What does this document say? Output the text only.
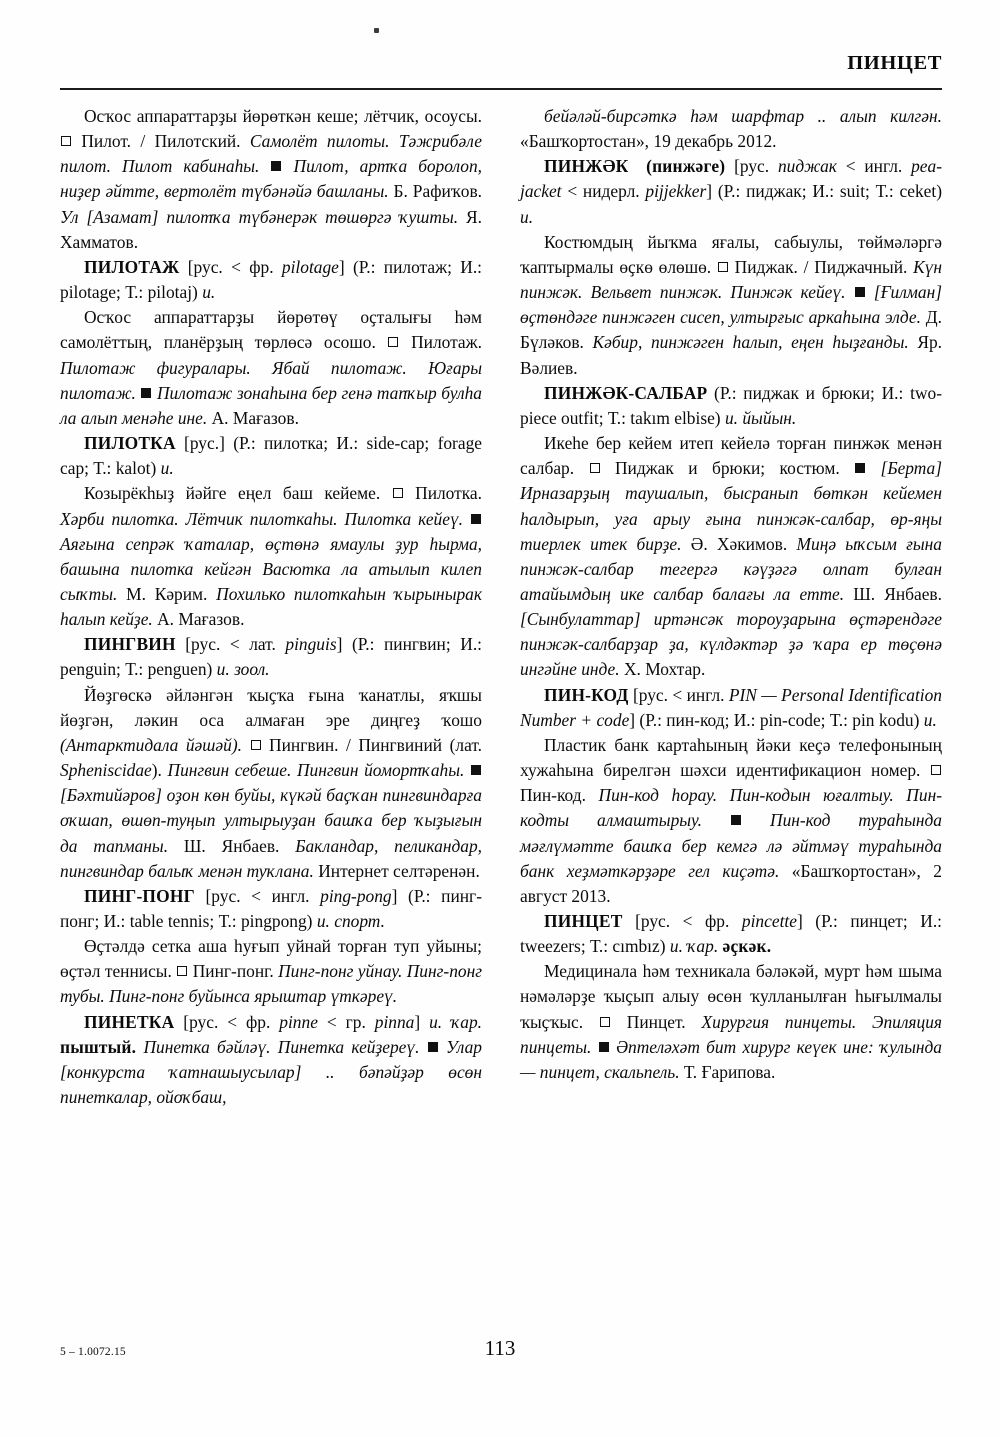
ПИНЦЕТ

Осҡос аппараттарҙы йөрөткән кеше; лётчик, осоусы.  Пилот. / Пилотский. Самолёт пилоты. Тәжрибәле пилот. Пилот кабинаһы.  Пилот, артҡа боролоп, ниҙер әйтте, вертолёт түбәнәйә башланы. Б. Рафиҡов. Ул [Азамат] пилотҡа түбәнерәк төшөргә ҡушты. Я. Хамматов.

ПИЛОТАЖ [рус. < фр. pilotage] (Р.: пилотаж; И.: pilotage; Т.: pilotaj) и.

Осҡос аппараттарҙы йөрөтөү оҫталығы һәм самолёттың, планёрҙың төрлөсә осошо.  Пилотаж. Пилотаж фигуралары. Ябай пилотаж. Юғары пилотаж.  Пилотаж зонаһына бер генә тапҡыр булһа ла алып менәһе ине. А. Мағазов.

ПИЛОТКА [рус.] (Р.: пилотка; И.: side-cap; forage cap; Т.: kalot) и.

Козырёкһыҙ йәйге еңел баш кейеме.  Пилотка. Хәрби пилотка. Лётчик пилоткаһы. Пилотка кейеү.  Аяғына сепрәк ҡаталар, өҫтөнә ямаулы ҙур һырма, башына пилотка кейгән Васютка ла атылып килеп сыҡты. М. Кәрим. Похилько пилоткаһын ҡырынырак һалып кейҙе. А. Мағазов.

ПИНГВИН [рус. < лат. pinguis] (Р.: пингвин; И.: penguin; Т.: penguen) и. зоол.

Йөҙгөскә әйләнгән ҡыҫҡа ғына ҡанатлы, яҡшы йөҙгән, ләкин оса алмаған эре диңгеҙ ҡошо (Антарктидала йәшәй).  Пингвин. / Пингвиний (лат. Spheniscidae). Пингвин себеше. Пингвин йомортҡаһы.  [Бәхтийәров] оҙон көн буйы, күкәй баҫҡан пингвиндарға оҡшап, өшөп-туңып ултырыуҙан башҡа бер ҡыҙығын да тапманы. Ш. Янбаев. Бакландар, пеликандар, пингвиндар балыҡ менән туҡлана. Интернет селтәренән.

ПИНГ-ПОНГ [рус. < ингл. ping-pong] (Р.: пинг-понг; И.: table tennis; Т.: pingpong) и. спорт.

Өҫтәлдә сетка аша һуғып уйнай торған туп уйыны; өҫтәл теннисы.  Пинг-понг. Пинг-понг уйнау. Пинг-понг тубы. Пинг-понг буйынса ярыштар үткәреү.

ПИНЕТКА [рус. < фр. pinne < гр. pinna] и. ҡар. пыштый. Пинетка бәйләү. Пинетка кейҙереү.  Улар [конкурста ҡатнашыусылар] .. бәпәйҙәр өсөн пинеткалар, ойоҡбаш,

бейәләй-бирсәткә һәм шарфтар .. алып килгән. «Башҡортостан», 19 декабрь 2012.

ПИНЖӘК (пинжәге) [рус. пиджак < ингл. pea-jacket < нидерл. pijjekker] (Р.: пиджак; И.: suit; Т.: ceket) и.

Костюмдың йыҡма яғалы, сабыулы, төймәләргә ҡаптырмалы өҫкө өлөшө.  Пиджак. / Пиджачный. Күн пинжәк. Вельвет пинжәк. Пинжәк кейеү.  [Ғилман] өҫтөндәге пинжәген сисеп, ултырғыс аркаһына элде. Д. Бүләков. Кәбир, пинжәген һалып, еңен һыҙғанды. Яр. Вәлиев.

ПИНЖӘК-САЛБАР (Р.: пиджак и брюки; И.: two-piece outfit; Т.: takım elbise) и. йыйын.

Икеһе бер кейем итеп кейелә торған пинжәк менән салбар.  Пиджак и брюки; костюм.  [Берта] Ирназарҙың таушалып, бысранып бөткән кейемен һалдырып, уға арыу ғына пинжәк-салбар, өр-яңы тиерлек итек бирҙе. Ә. Хәкимов. Миңә ыҡсым ғына пинжәк-салбар тегергә кәүҙәгә олпат булған атайымдың ике салбар балағы ла етте. Ш. Янбаев. [Сынбулаттар] иртәнсәк тороуҙарына өҫтәрендәге пинжәк-салбарҙар ҙа, күлдәктәр ҙә ҡара ер төҫөнә ингәйне инде. Х. Мохтар.

ПИН-КОД [рус. < ингл. PIN — Personal Identification Number + code] (Р.: пин-код; И.: pin-code; Т.: pin kodu) и.

Пластик банк картаһының йәки кеҫә телефонының хужаһына бирелгән шәхси идентификацион номер.  Пин-код. Пин-код һорау. Пин-кодын юғалтыу. Пин-кодты алмаштырыу.  Пин-код тураһында мәғлүмәтте башҡа бер кемгә лә әйтмәү тураһында банк хеҙмәткәрҙәре гел киҫәтә. «Башҡортостан», 2 август 2013.

ПИНЦЕТ [рус. < фр. pincette] (Р.: пинцет; И.: tweezers; Т.: cımbız) и. ҡар. әҫкәк.

Медицинала һәм техникала бәләкәй, мурт һәм шыма нәмәләрҙе ҡыҫып алыу өсөн ҡулланылған һығылмалы ҡыҫҡыс.  Пинцет. Хирургия пинцеты. Эпиляция пинцеты.  Әптеләхәт бит хирург кеүек ине: ҡулында — пинцет, скальпель. Т. Ғарипова.

5 – 1.0072.15	113
